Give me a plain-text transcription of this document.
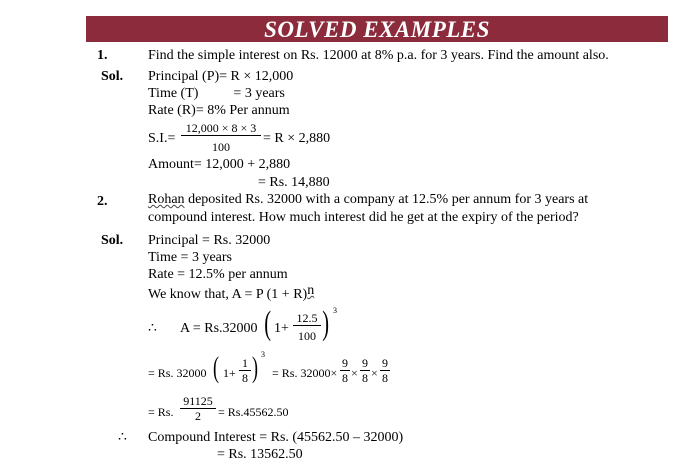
SOLVED EXAMPLES
1.	Find the simple interest on Rs. 12000 at 8% p.a. for 3 years. Find the amount also.
Sol. Principal (P)= R × 12,000
Time (T)          = 3 years
Rate (R)= 8% Per annum
$S.I.= \frac{12,000 \times 8 \times 3}{100} = R \times 2,880$
Amount= 12,000 + 2,880
= Rs. 14,880
2.	Rohan deposited Rs. 32000 with a company at 12.5% per annum for 3 years at
compound interest. How much interest did he get at the expiry of the period?
Sol. Principal = Rs. 32000
Time = 3 years
Rate = 12.5% per annum
We know that, A = P (1 + R)n
∴ A = Rs.32000 ( $1+ \frac{12.5}{100}$ ) 3
= Rs. 32000 ( $1+ \frac{1}{8}$ ) 3
= Rs. $32000\times \frac{9}{8} \times \frac{9}{8} \times \frac{9}{8}$
= Rs. $\frac{91125}{2} = Rs.45562.50$
∴ Compound Interest = Rs. (45562.50 – 32000)
= Rs. 13562.50
